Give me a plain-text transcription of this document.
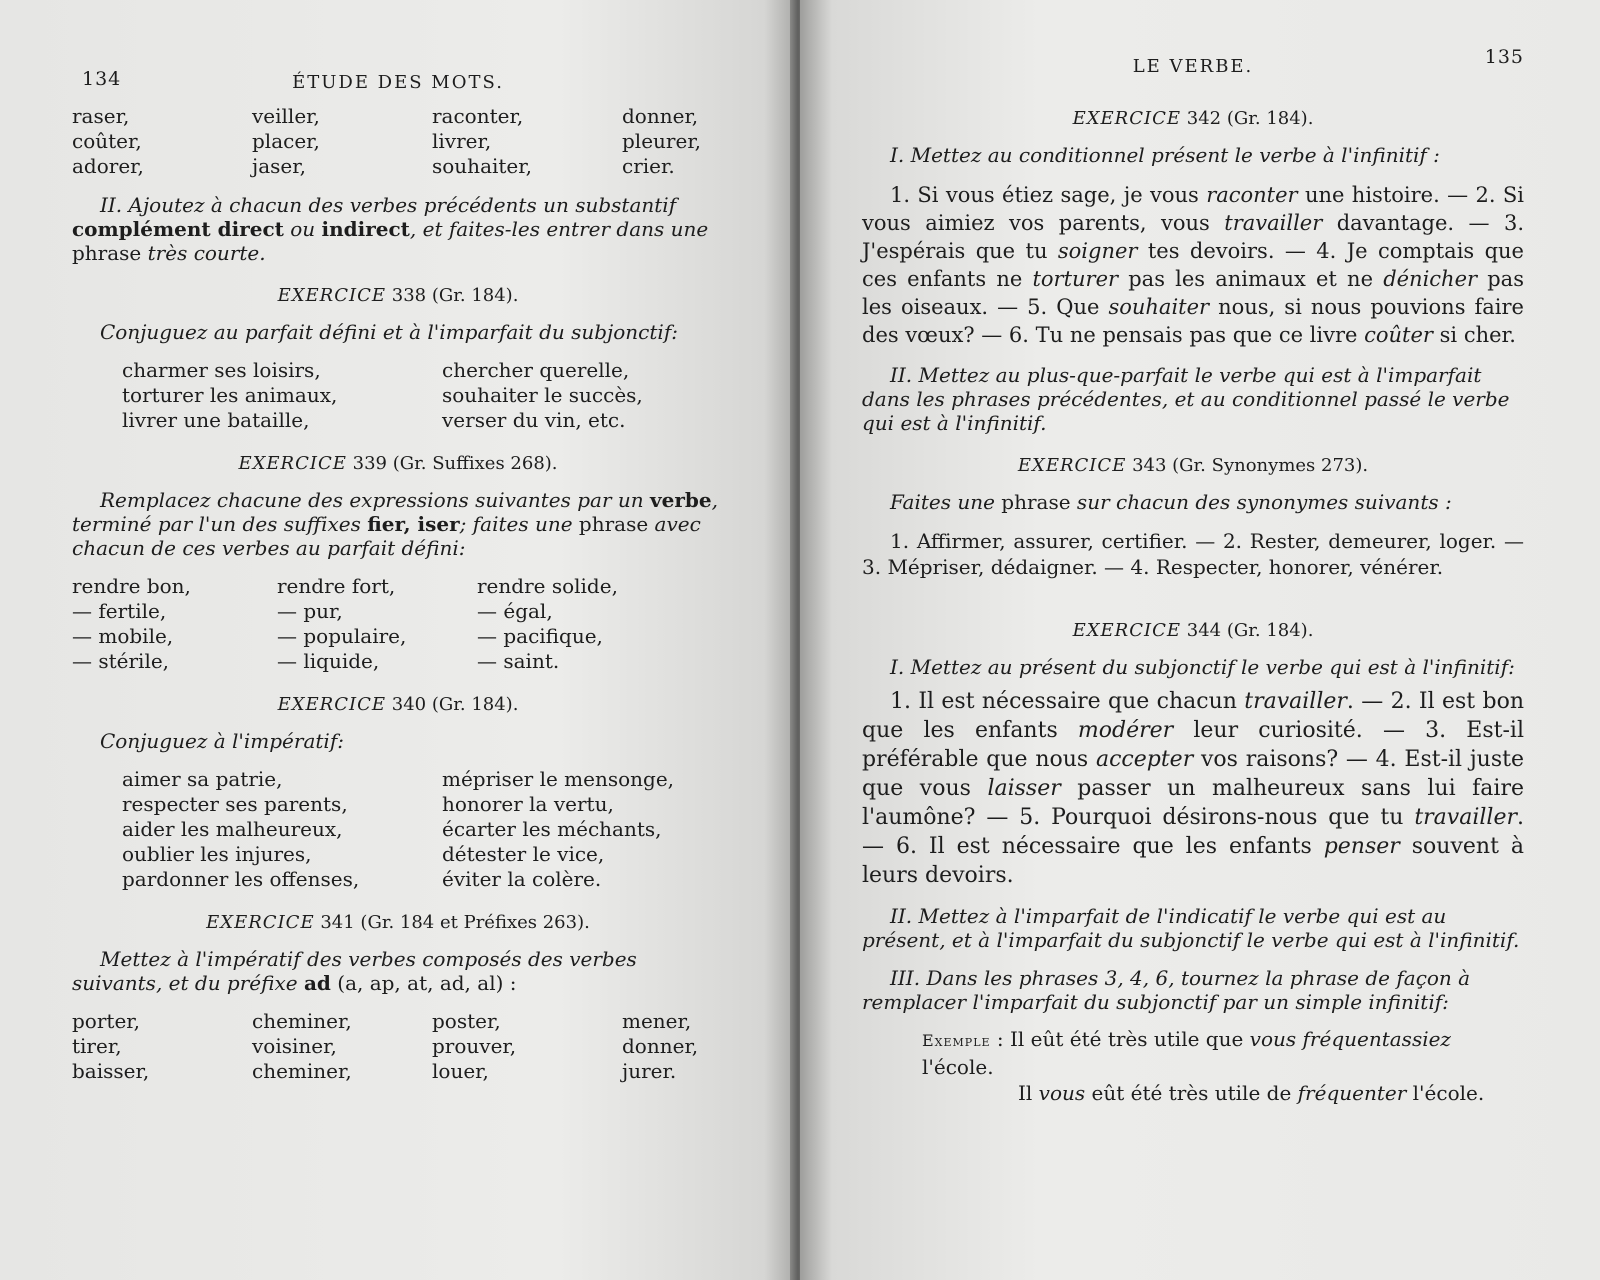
134	ÉTUDE DES MOTS.
raser,	veiller,	raconter,	donner,
coûter,	placer,	livrer,	pleurer,
adorer,	jaser,	souhaiter,	crier.

II. Ajoutez à chacun des verbes précédents un substantif complément direct ou indirect, et faites-les entrer dans une phrase très courte.

EXERCICE 338 (Gr. 184).

Conjuguez au parfait défini et à l'imparfait du subjonctif:

charmer ses loisirs,	chercher querelle,
torturer les animaux,	souhaiter le succès,
livrer une bataille,	verser du vin, etc.
EXERCICE 339 (Gr. Suffixes 268).

Remplacez chacune des expressions suivantes par un verbe, terminé par l'un des suffixes fier, iser; faites une phrase avec chacun de ces verbes au parfait défini:

rendre bon,	rendre fort,	rendre solide,
— fertile,	— pur,	— égal,
— mobile,	— populaire,	— pacifique,
— stérile,	— liquide,	— saint.
EXERCICE 340 (Gr. 184).

Conjuguez à l'impératif:

aimer sa patrie,	mépriser le mensonge,
respecter ses parents,	honorer la vertu,
aider les malheureux,	écarter les méchants,
oublier les injures,	détester le vice,
pardonner les offenses,	éviter la colère.
EXERCICE 341 (Gr. 184 et Préfixes 263).

Mettez à l'impératif des verbes composés des verbes suivants, et du préfixe ad (a, ap, at, ad, al) :

porter,	cheminer,	poster,	mener,
tirer,	voisiner,	prouver,	donner,
baisser,	cheminer,	louer,	jurer.
LE VERBE.	135
EXERCICE 342 (Gr. 184).

I. Mettez au conditionnel présent le verbe à l'infinitif :

1. Si vous étiez sage, je vous raconter une histoire. — 2. Si vous aimiez vos parents, vous travailler davantage. — 3. J'espérais que tu soigner tes devoirs. — 4. Je comptais que ces enfants ne torturer pas les animaux et ne dénicher pas les oiseaux. — 5. Que souhaiter nous, si nous pouvions faire des vœux? — 6. Tu ne pensais pas que ce livre coûter si cher.

II. Mettez au plus-que-parfait le verbe qui est à l'imparfait dans les phrases précédentes, et au conditionnel passé le verbe qui est à l'infinitif.

EXERCICE 343 (Gr. Synonymes 273).

Faites une phrase sur chacun des synonymes suivants :

1. Affirmer, assurer, certifier. — 2. Rester, demeurer, loger. — 3. Mépriser, dédaigner. — 4. Respecter, honorer, vénérer.

EXERCICE 344 (Gr. 184).

I. Mettez au présent du subjonctif le verbe qui est à l'infinitif:

1. Il est nécessaire que chacun travailler. — 2. Il est bon que les enfants modérer leur curiosité. — 3. Est-il préférable que nous accepter vos raisons? — 4. Est-il juste que vous laisser passer un malheureux sans lui faire l'aumône? — 5. Pourquoi désirons-nous que tu travailler. — 6. Il est nécessaire que les enfants penser souvent à leurs devoirs.

II. Mettez à l'imparfait de l'indicatif le verbe qui est au présent, et à l'imparfait du subjonctif le verbe qui est à l'infinitif.

III. Dans les phrases 3, 4, 6, tournez la phrase de façon à remplacer l'imparfait du subjonctif par un simple infinitif:

Exemple : Il eût été très utile que vous fréquentassiez l'école.
Il vous eût été très utile de fréquenter l'école.
